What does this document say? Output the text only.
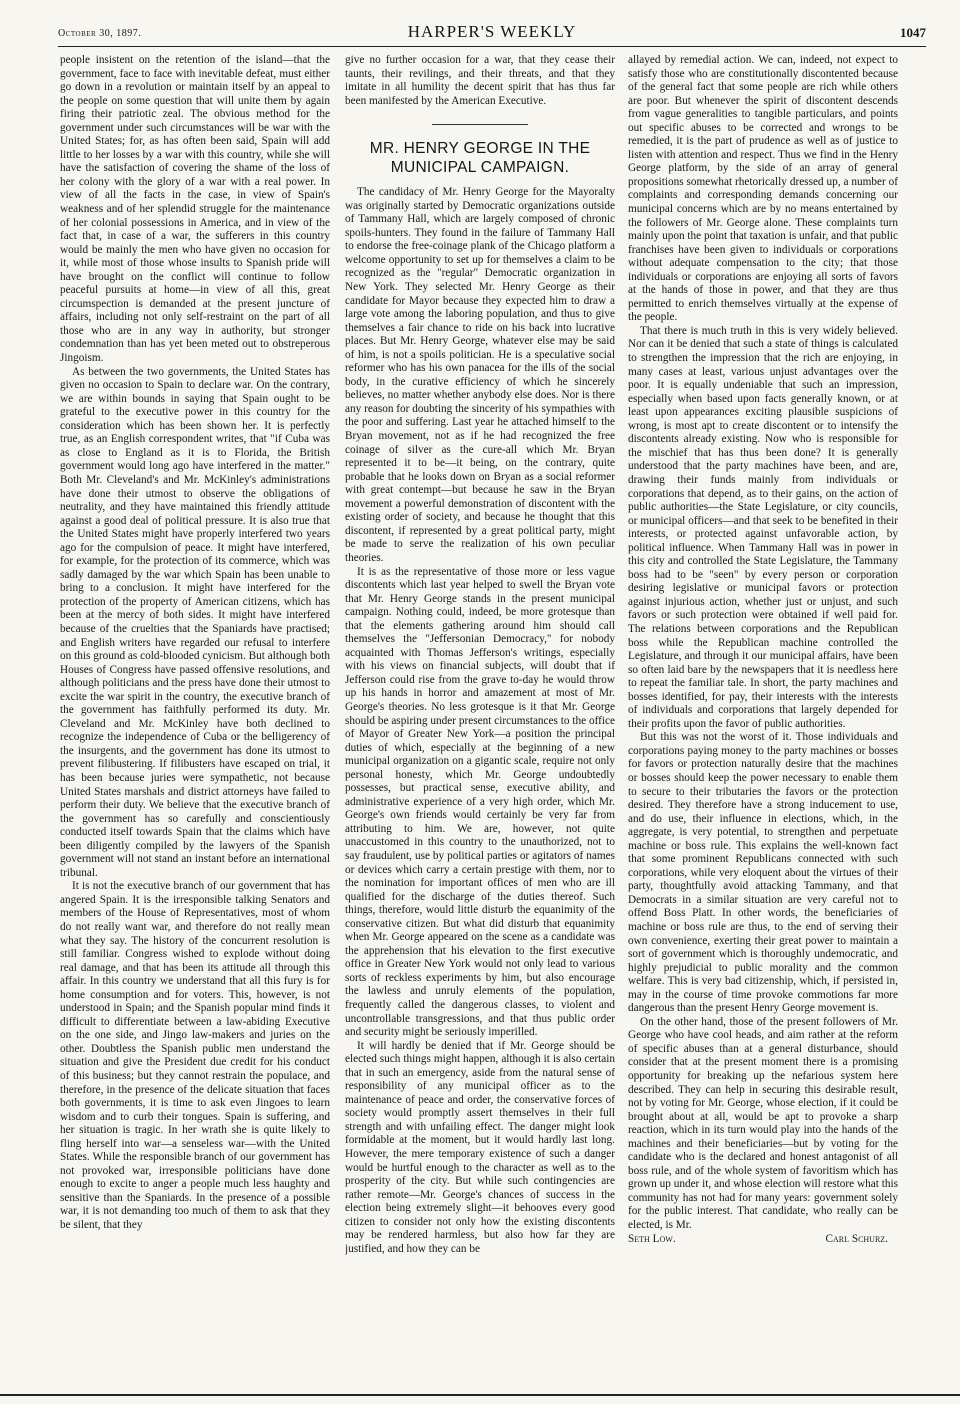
October 30, 1897.	HARPER'S WEEKLY	1047

people insistent on the retention of the island—that the government, face to face with inevitable defeat, must either go down in a revolution or maintain itself by an appeal to the people on some question that will unite them by again firing their patriotic zeal. The obvious method for the government under such circumstances will be war with the United States; for, as has often been said, Spain will add little to her losses by a war with this country, while she will have the satisfaction of covering the shame of the loss of her colony with the glory of a war with a real power. In view of all the facts in the case, in view of Spain's weakness and of her splendid struggle for the maintenance of her colonial possessions in America, and in view of the fact that, in case of a war, the sufferers in this country would be mainly the men who have given no occasion for it, while most of those whose insults to Spanish pride will have brought on the conflict will continue to follow peaceful pursuits at home—in view of all this, great circumspection is demanded at the present juncture of affairs, including not only self-restraint on the part of all those who are in any way in authority, but stronger condemnation than has yet been meted out to obstreperous Jingoism.

As between the two governments, the United States has given no occasion to Spain to declare war. On the contrary, we are within bounds in saying that Spain ought to be grateful to the executive power in this country for the consideration which has been shown her. It is perfectly true, as an English correspondent writes, that "if Cuba was as close to England as it is to Florida, the British government would long ago have interfered in the matter." Both Mr. Cleveland's and Mr. McKinley's administrations have done their utmost to observe the obligations of neutrality, and they have maintained this friendly attitude against a good deal of political pressure. It is also true that the United States might have properly interfered two years ago for the compulsion of peace. It might have interfered, for example, for the protection of its commerce, which was sadly damaged by the war which Spain has been unable to bring to a conclusion. It might have interfered for the protection of the property of American citizens, which has been at the mercy of both sides. It might have interfered because of the cruelties that the Spaniards have practised; and English writers have regarded our refusal to interfere on this ground as cold-blooded cynicism. But although both Houses of Congress have passed offensive resolutions, and although politicians and the press have done their utmost to excite the war spirit in the country, the executive branch of the government has faithfully performed its duty. Mr. Cleveland and Mr. McKinley have both declined to recognize the independence of Cuba or the belligerency of the insurgents, and the government has done its utmost to prevent filibustering. If filibusters have escaped on trial, it has been because juries were sympathetic, not because United States marshals and district attorneys have failed to perform their duty. We believe that the executive branch of the government has so carefully and conscientiously conducted itself towards Spain that the claims which have been diligently compiled by the lawyers of the Spanish government will not stand an instant before an international tribunal.

It is not the executive branch of our government that has angered Spain. It is the irresponsible talking Senators and members of the House of Representatives, most of whom do not really want war, and therefore do not really mean what they say. The history of the concurrent resolution is still familiar. Congress wished to explode without doing real damage, and that has been its attitude all through this affair. In this country we understand that all this fury is for home consumption and for voters. This, however, is not understood in Spain; and the Spanish popular mind finds it difficult to differentiate between a law-abiding Executive on the one side, and Jingo law-makers and juries on the other. Doubtless the Spanish public men understand the situation and give the President due credit for his conduct of this business; but they cannot restrain the populace, and therefore, in the presence of the delicate situation that faces both governments, it is time to ask even Jingoes to learn wisdom and to curb their tongues. Spain is suffering, and her situation is tragic. In her wrath she is quite likely to fling herself into war—a senseless war—with the United States. While the responsible branch of our government has not provoked war, irresponsible politicians have done enough to excite to anger a people much less haughty and sensitive than the Spaniards. In the presence of a possible war, it is not demanding too much of them to ask that they be silent, that they

give no further occasion for a war, that they cease their taunts, their revilings, and their threats, and that they imitate in all humility the decent spirit that has thus far been manifested by the American Executive.

MR. HENRY GEORGE IN THE MUNICIPAL CAMPAIGN.

The candidacy of Mr. Henry George for the Mayoralty was originally started by Democratic organizations outside of Tammany Hall, which are largely composed of chronic spoils-hunters. They found in the failure of Tammany Hall to endorse the free-coinage plank of the Chicago platform a welcome opportunity to set up for themselves a claim to be recognized as the "regular" Democratic organization in New York. They selected Mr. Henry George as their candidate for Mayor because they expected him to draw a large vote among the laboring population, and thus to give themselves a fair chance to ride on his back into lucrative places. But Mr. Henry George, whatever else may be said of him, is not a spoils politician. He is a speculative social reformer who has his own panacea for the ills of the social body, in the curative efficiency of which he sincerely believes, no matter whether anybody else does. Nor is there any reason for doubting the sincerity of his sympathies with the poor and suffering. Last year he attached himself to the Bryan movement, not as if he had recognized the free coinage of silver as the cure-all which Mr. Bryan represented it to be—it being, on the contrary, quite probable that he looks down on Bryan as a social reformer with great contempt—but because he saw in the Bryan movement a powerful demonstration of discontent with the existing order of society, and because he thought that this discontent, if represented by a great political party, might be made to serve the realization of his own peculiar theories.

It is as the representative of those more or less vague discontents which last year helped to swell the Bryan vote that Mr. Henry George stands in the present municipal campaign. Nothing could, indeed, be more grotesque than that the elements gathering around him should call themselves the "Jeffersonian Democracy," for nobody acquainted with Thomas Jefferson's writings, especially with his views on financial subjects, will doubt that if Jefferson could rise from the grave to-day he would throw up his hands in horror and amazement at most of Mr. George's theories. No less grotesque is it that Mr. George should be aspiring under present circumstances to the office of Mayor of Greater New York—a position the principal duties of which, especially at the beginning of a new municipal organization on a gigantic scale, require not only personal honesty, which Mr. George undoubtedly possesses, but practical sense, executive ability, and administrative experience of a very high order, which Mr. George's own friends would certainly be very far from attributing to him. We are, however, not quite unaccustomed in this country to the unauthorized, not to say fraudulent, use by political parties or agitators of names or devices which carry a certain prestige with them, nor to the nomination for important offices of men who are ill qualified for the discharge of the duties thereof. Such things, therefore, would little disturb the equanimity of the conservative citizen. But what did disturb that equanimity when Mr. George appeared on the scene as a candidate was the apprehension that his elevation to the first executive office in Greater New York would not only lead to various sorts of reckless experiments by him, but also encourage the lawless and unruly elements of the population, frequently called the dangerous classes, to violent and uncontrollable transgressions, and that thus public order and security might be seriously imperilled.

It will hardly be denied that if Mr. George should be elected such things might happen, although it is also certain that in such an emergency, aside from the natural sense of responsibility of any municipal officer as to the maintenance of peace and order, the conservative forces of society would promptly assert themselves in their full strength and with unfailing effect. The danger might look formidable at the moment, but it would hardly last long. However, the mere temporary existence of such a danger would be hurtful enough to the character as well as to the prosperity of the city. But while such contingencies are rather remote—Mr. George's chances of success in the election being extremely slight—it behooves every good citizen to consider not only how the existing discontents may be rendered harmless, but also how far they are justified, and how they can be

allayed by remedial action. We can, indeed, not expect to satisfy those who are constitutionally discontented because of the general fact that some people are rich while others are poor. But whenever the spirit of discontent descends from vague generalities to tangible particulars, and points out specific abuses to be corrected and wrongs to be remedied, it is the part of prudence as well as of justice to listen with attention and respect. Thus we find in the Henry George platform, by the side of an array of general propositions somewhat rhetorically dressed up, a number of complaints and corresponding demands concerning our municipal concerns which are by no means entertained by the followers of Mr. George alone. These complaints turn mainly upon the point that taxation is unfair, and that public franchises have been given to individuals or corporations without adequate compensation to the city; that those individuals or corporations are enjoying all sorts of favors at the hands of those in power, and that they are thus permitted to enrich themselves virtually at the expense of the people.

That there is much truth in this is very widely believed. Nor can it be denied that such a state of things is calculated to strengthen the impression that the rich are enjoying, in many cases at least, various unjust advantages over the poor. It is equally undeniable that such an impression, especially when based upon facts generally known, or at least upon appearances exciting plausible suspicions of wrong, is most apt to create discontent or to intensify the discontents already existing. Now who is responsible for the mischief that has thus been done? It is generally understood that the party machines have been, and are, drawing their funds mainly from individuals or corporations that depend, as to their gains, on the action of public authorities—the State Legislature, or city councils, or municipal officers—and that seek to be benefited in their interests, or protected against unfavorable action, by political influence. When Tammany Hall was in power in this city and controlled the State Legislature, the Tammany boss had to be "seen" by every person or corporation desiring legislative or municipal favors or protection against injurious action, whether just or unjust, and such favors or such protection were obtained if well paid for. The relations between corporations and the Republican boss while the Republican machine controlled the Legislature, and through it our municipal affairs, have been so often laid bare by the newspapers that it is needless here to repeat the familiar tale. In short, the party machines and bosses identified, for pay, their interests with the interests of individuals and corporations that largely depended for their profits upon the favor of public authorities.

But this was not the worst of it. Those individuals and corporations paying money to the party machines or bosses for favors or protection naturally desire that the machines or bosses should keep the power necessary to enable them to secure to their tributaries the favors or the protection desired. They therefore have a strong inducement to use, and do use, their influence in elections, which, in the aggregate, is very potential, to strengthen and perpetuate machine or boss rule. This explains the well-known fact that some prominent Republicans connected with such corporations, while very eloquent about the virtues of their party, thoughtfully avoid attacking Tammany, and that Democrats in a similar situation are very careful not to offend Boss Platt. In other words, the beneficiaries of machine or boss rule are thus, to the end of serving their own convenience, exerting their great power to maintain a sort of government which is thoroughly undemocratic, and highly prejudicial to public morality and the common welfare. This is very bad citizenship, which, if persisted in, may in the course of time provoke commotions far more dangerous than the present Henry George movement is.

On the other hand, those of the present followers of Mr. George who have cool heads, and aim rather at the reform of specific abuses than at a general disturbance, should consider that at the present moment there is a promising opportunity for breaking up the nefarious system here described. They can help in securing this desirable result, not by voting for Mr. George, whose election, if it could be brought about at all, would be apt to provoke a sharp reaction, which in its turn would play into the hands of the machines and their beneficiaries—but by voting for the candidate who is the declared and honest antagonist of all boss rule, and of the whole system of favoritism which has grown up under it, and whose election will restore what this community has not had for many years: government solely for the public interest. That candidate, who really can be elected, is Mr.

Seth Low.	Carl Schurz.
